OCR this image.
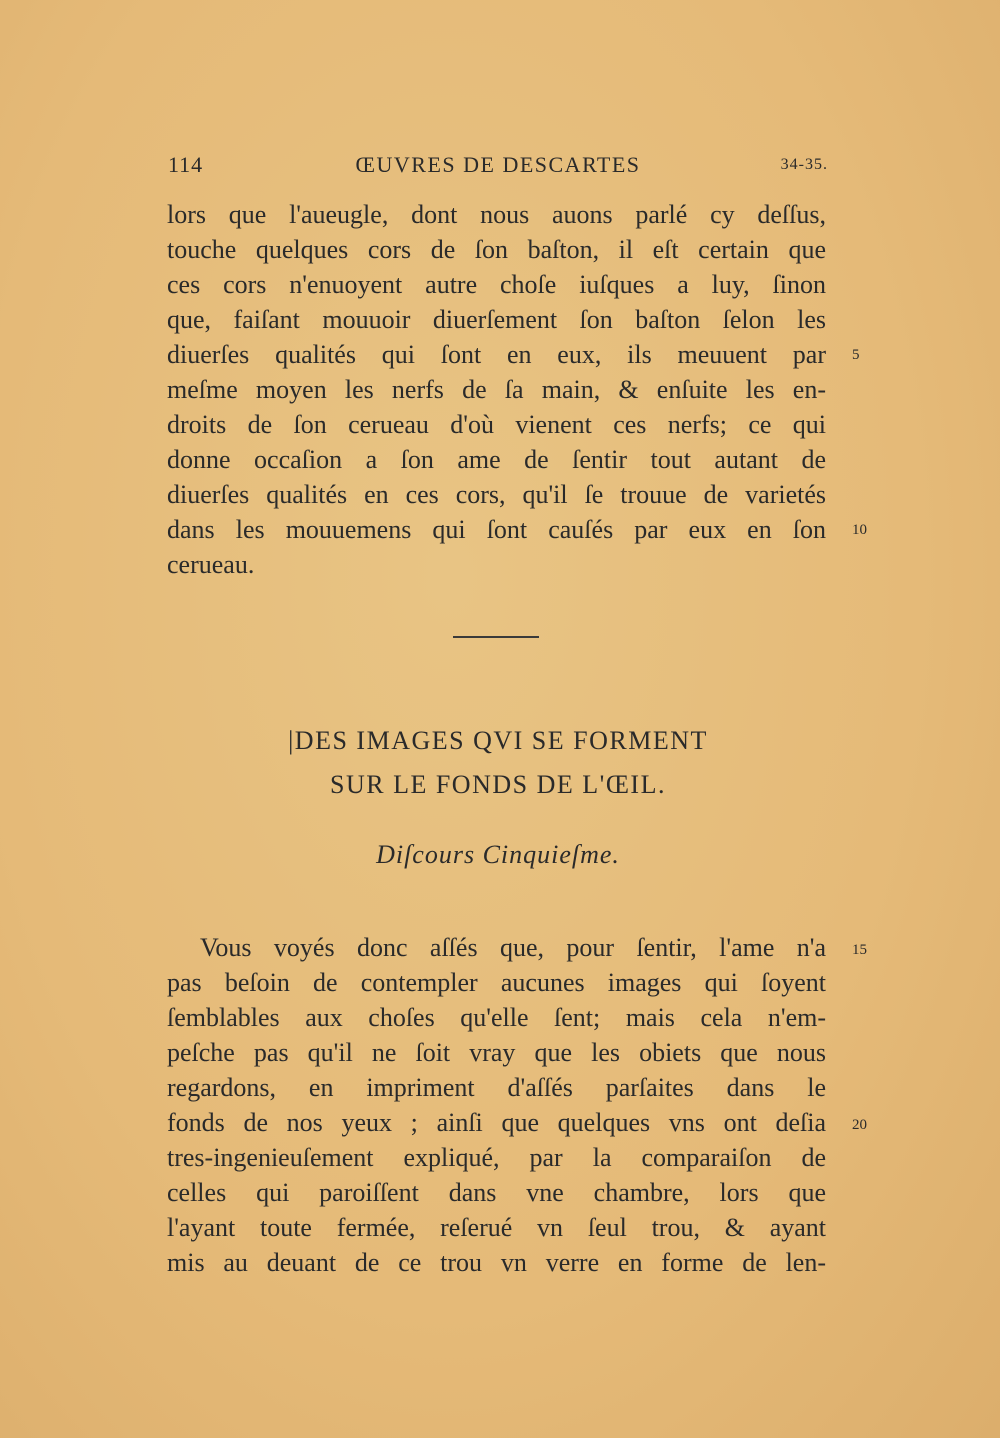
114	ŒUVRES DE DESCARTES	34-35.
lors que l'aueugle, dont nous auons parlé cy deſſus,
touche quelques cors de ſon baſton, il eſt certain que
ces cors n'enuoyent autre choſe iuſques a luy, ſinon
que, faiſant mouuoir diuerſement ſon baſton ſelon les
diuerſes qualités qui ſont en eux, ils meuuent par
meſme moyen les nerfs de ſa main, & enſuite les en-
droits de ſon cerueau d'où vienent ces nerfs; ce qui
donne occaſion a ſon ame de ſentir tout autant de
diuerſes qualités en ces cors, qu'il ſe trouue de varietés
dans les mouuemens qui ſont cauſés par eux en ſon
cerueau.
5
10
|DES IMAGES QVI SE FORMENT
SUR LE FONDS DE L'ŒIL.
Diſcours Cinquieſme.
Vous voyés donc aſſés que, pour ſentir, l'ame n'a
pas beſoin de contempler aucunes images qui ſoyent
ſemblables aux choſes qu'elle ſent; mais cela n'em-
peſche pas qu'il ne ſoit vray que les obiets que nous
regardons, en impriment d'aſſés parſaites dans le
fonds de nos yeux ; ainſi que quelques vns ont deſia
tres-ingenieuſement expliqué, par la comparaiſon de
celles qui paroiſſent dans vne chambre, lors que
l'ayant toute fermée, reſerué vn ſeul trou, & ayant
mis au deuant de ce trou vn verre en forme de len-
15
20
